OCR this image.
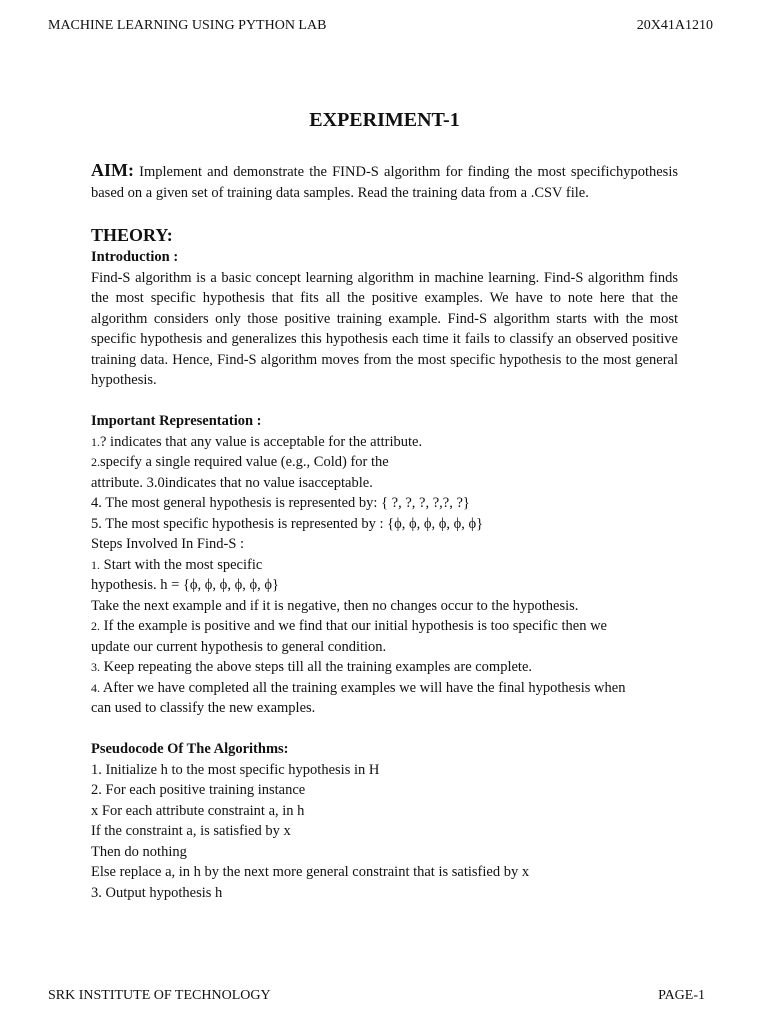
MACHINE LEARNING USING PYTHON LAB	20X41A1210
EXPERIMENT-1
AIM: Implement and demonstrate the FIND-S algorithm for finding the most specifichypothesis based on a given set of training data samples. Read the training data from a .CSV file.
THEORY:
Introduction :
Find-S algorithm is a basic concept learning algorithm in machine learning. Find-S algorithm finds the most specific hypothesis that fits all the positive examples. We have to note here that the algorithm considers only those positive training example. Find-S algorithm starts with the most specific hypothesis and generalizes this hypothesis each time it fails to classify an observed positive training data. Hence, Find-S algorithm moves from the most specific hypothesis to the most general hypothesis.
Important Representation :
1.? indicates that any value is acceptable for the attribute.
2.specify a single required value (e.g., Cold) for the
attribute. 3.0indicates that no value isacceptable.
4. The most general hypothesis is represented by: { ?, ?, ?, ?,?, ?}
5. The most specific hypothesis is represented by : {ϕ, ϕ, ϕ, ϕ, ϕ, ϕ}
Steps Involved In Find-S :
1. Start with the most specific
hypothesis. h = {ϕ, ϕ, ϕ, ϕ, ϕ, ϕ}
Take the next example and if it is negative, then no changes occur to the hypothesis.
2. If the example is positive and we find that our initial hypothesis is too specific then we
update our current hypothesis to general condition.
3. Keep repeating the above steps till all the training examples are complete.
4. After we have completed all the training examples we will have the final hypothesis when
can used to classify the new examples.
Pseudocode Of The Algorithms:
1. Initialize h to the most specific hypothesis in H
2. For each positive training instance
x For each attribute constraint a, in h
If the constraint a, is satisfied by x
Then do nothing
Else replace a, in h by the next more general constraint that is satisfied by x
3. Output hypothesis h
SRK INSTITUTE OF TECHNOLOGY	PAGE-1
